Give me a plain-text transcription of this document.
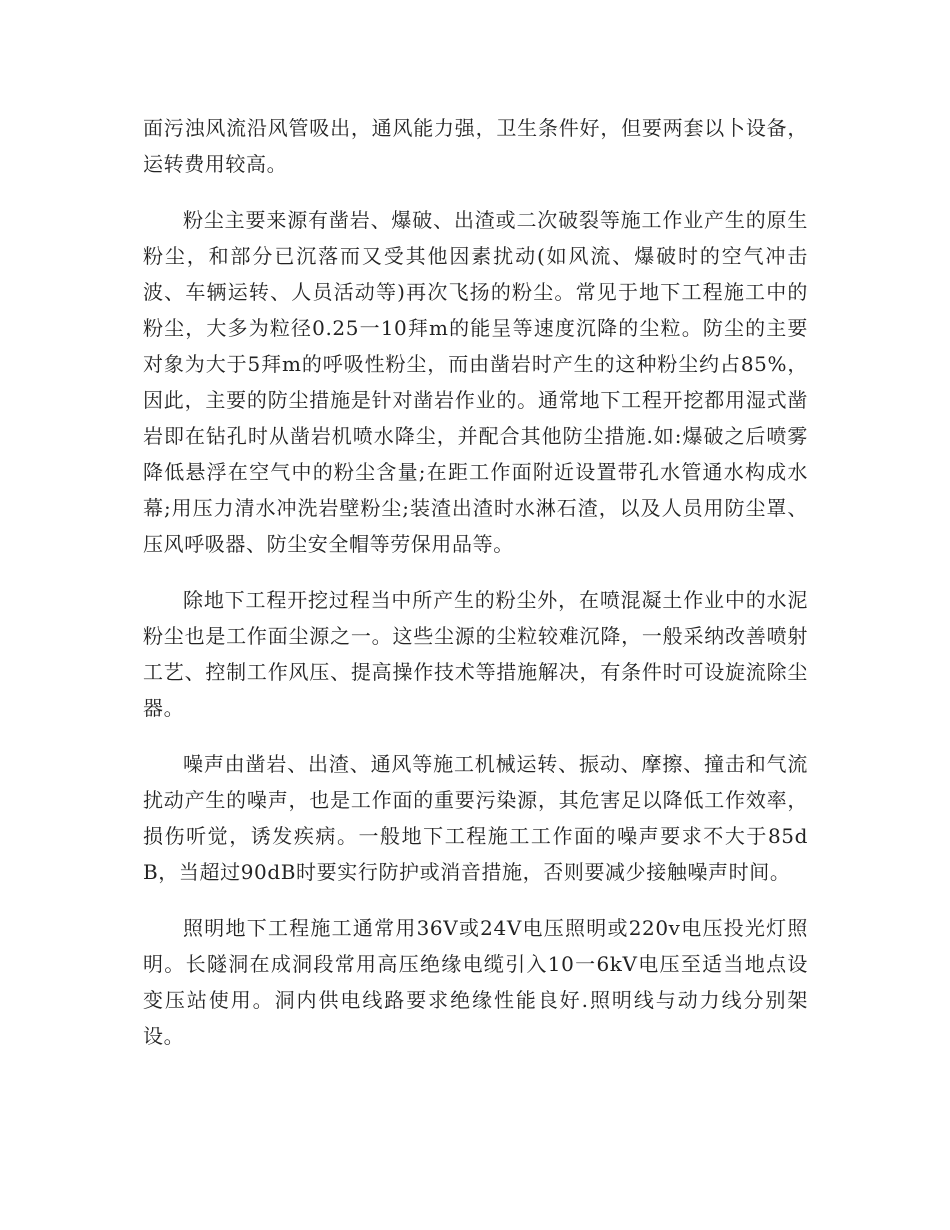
面污浊风流沿风管吸出，通风能力强，卫生条件好，但要两套以卜设备，运转费用较高。

粉尘主要来源有凿岩、爆破、出渣或二次破裂等施工作业产生的原生粉尘，和部分已沉落而又受其他因素扰动(如风流、爆破时的空气冲击波、车辆运转、人员活动等)再次飞扬的粉尘。常见于地下工程施工中的粉尘，大多为粒径0.25一10拜m的能呈等速度沉降的尘粒。防尘的主要对象为大于5拜m的呼吸性粉尘，而由凿岩时产生的这种粉尘约占85%，因此，主要的防尘措施是针对凿岩作业的。通常地下工程开挖都用湿式凿岩即在钻孔时从凿岩机喷水降尘，并配合其他防尘措施.如:爆破之后喷雾降低悬浮在空气中的粉尘含量;在距工作面附近设置带孔水管通水构成水幕;用压力清水冲洗岩壁粉尘;装渣出渣时水淋石渣，以及人员用防尘罩、压风呼吸器、防尘安全帽等劳保用品等。

除地下工程开挖过程当中所产生的粉尘外，在喷混凝土作业中的水泥粉尘也是工作面尘源之一。这些尘源的尘粒较难沉降，一般采纳改善喷射工艺、控制工作风压、提高操作技术等措施解决，有条件时可设旋流除尘器。

噪声由凿岩、出渣、通风等施工机械运转、振动、摩擦、撞击和气流扰动产生的噪声，也是工作面的重要污染源，其危害足以降低工作效率，损伤听觉，诱发疾病。一般地下工程施工工作面的噪声要求不大于85dB，当超过90dB时要实行防护或消音措施，否则要减少接触噪声时间。

照明地下工程施工通常用36V或24V电压照明或220v电压投光灯照明。长隧洞在成洞段常用高压绝缘电缆引入10一6kV电压至适当地点设变压站使用。洞内供电线路要求绝缘性能良好.照明线与动力线分别架设。
